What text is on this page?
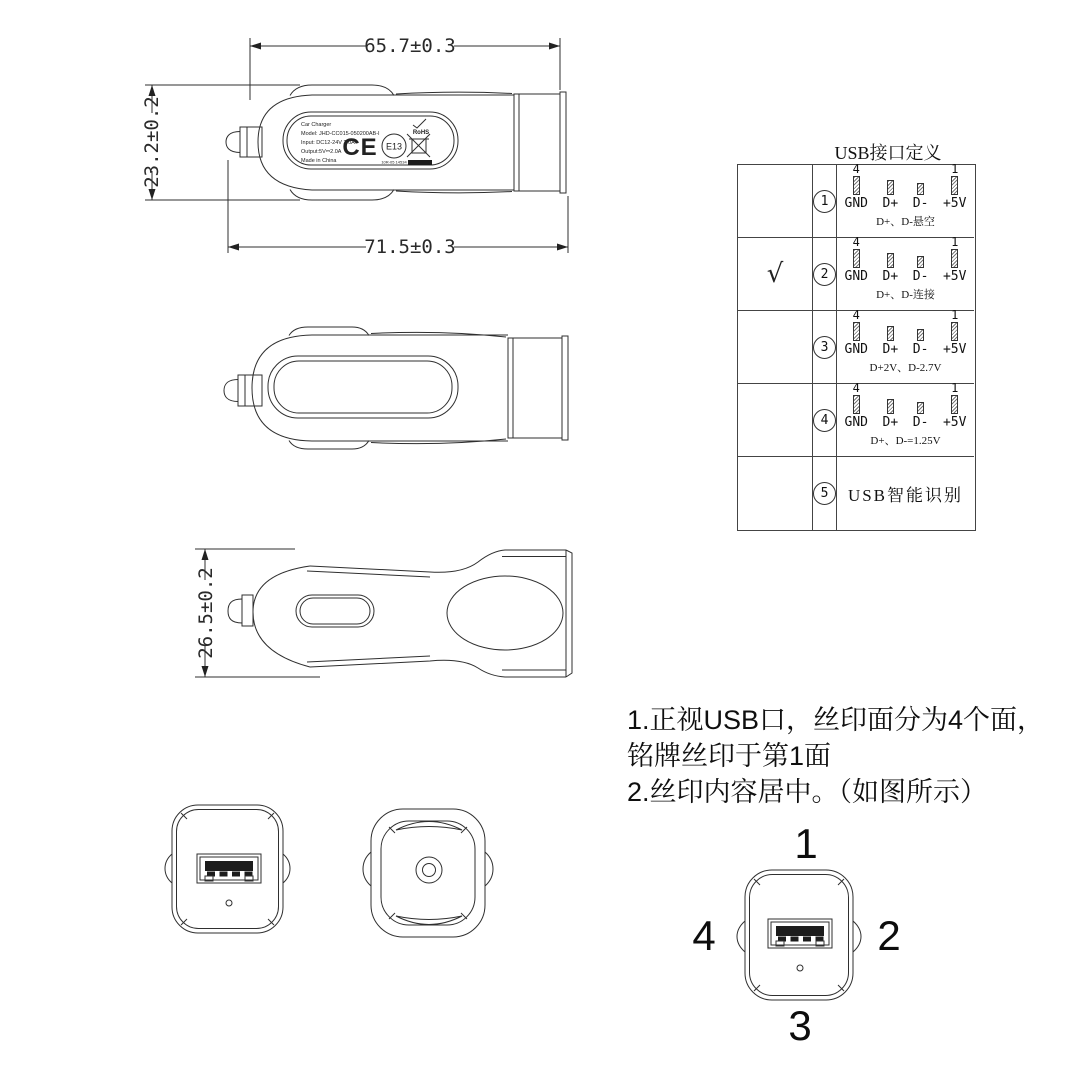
Car Charger
Model: JHD-CC015-050200AB-I
Input: DC12-24V 2.0A
Output:5V⎓2.0A
Made in China CE E13
10R-05 14534
RoHS
65.7±0.3
71.5±0.3
23.2±0.2
26.5±0.2
1
2
3
4
USB接口定义
1
4
GND D+ D-
1
+5V
D+、D-悬空
√	2
4
GND D+ D-
1
+5V
D+、D-连接
3
4
GND D+ D-
1
+5V
D+2V、D-2.7V
4
4
GND D+ D-
1
+5V
D+、D-=1.25V
5	USB智能识别
1.正视USB口，丝印面分为4个面，
铭牌丝印于第1面
2.丝印内容居中。（如图所示）
